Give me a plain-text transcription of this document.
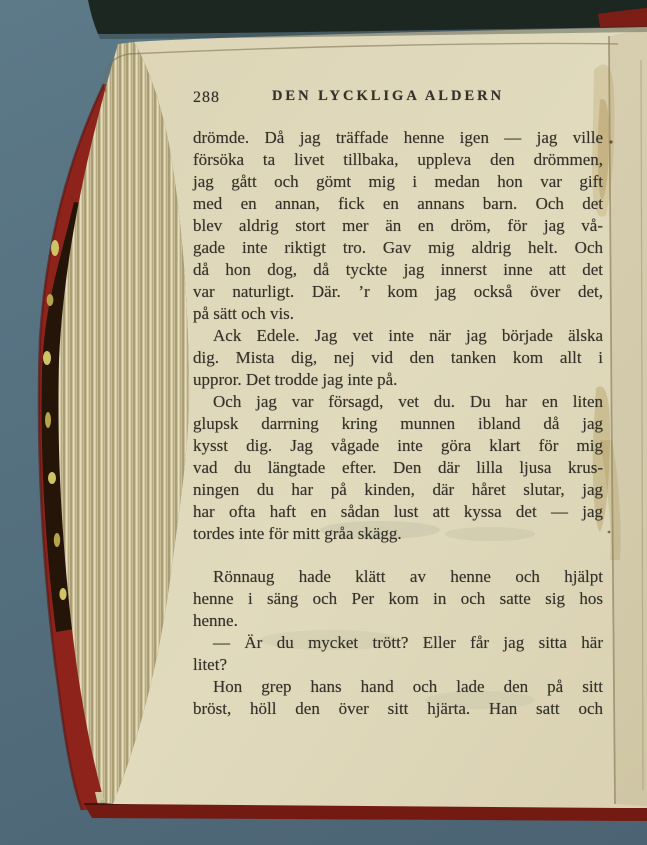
288	DEN LYCKLIGA ALDERN
drömde. Då jag träffade henne igen — jag ville
försöka ta livet tillbaka, uppleva den drömmen,
jag gått och gömt mig i medan hon var gift
med en annan, fick en annans barn. Och det
blev aldrig stort mer än en dröm, för jag vå-
gade inte riktigt tro. Gav mig aldrig helt. Och
då hon dog, då tyckte jag innerst inne att det
var naturligt. Där. ’r kom jag också över det,
på sätt och vis.
Ack Edele. Jag vet inte när jag började älska
dig. Mista dig, nej vid den tanken kom allt i
uppror. Det trodde jag inte på.
Och jag var försagd, vet du. Du har en liten
glupsk darrning kring munnen ibland då jag
kysst dig. Jag vågade inte göra klart för mig
vad du längtade efter. Den där lilla ljusa krus-
ningen du har på kinden, där håret slutar, jag
har ofta haft en sådan lust att kyssa det — jag
tordes inte för mitt gråa skägg.
Rönnaug hade klätt av henne och hjälpt
henne i säng och Per kom in och satte sig hos
henne.
— Är du mycket trött? Eller får jag sitta här
litet?
Hon grep hans hand och lade den på sitt
bröst, höll den över sitt hjärta. Han satt och
